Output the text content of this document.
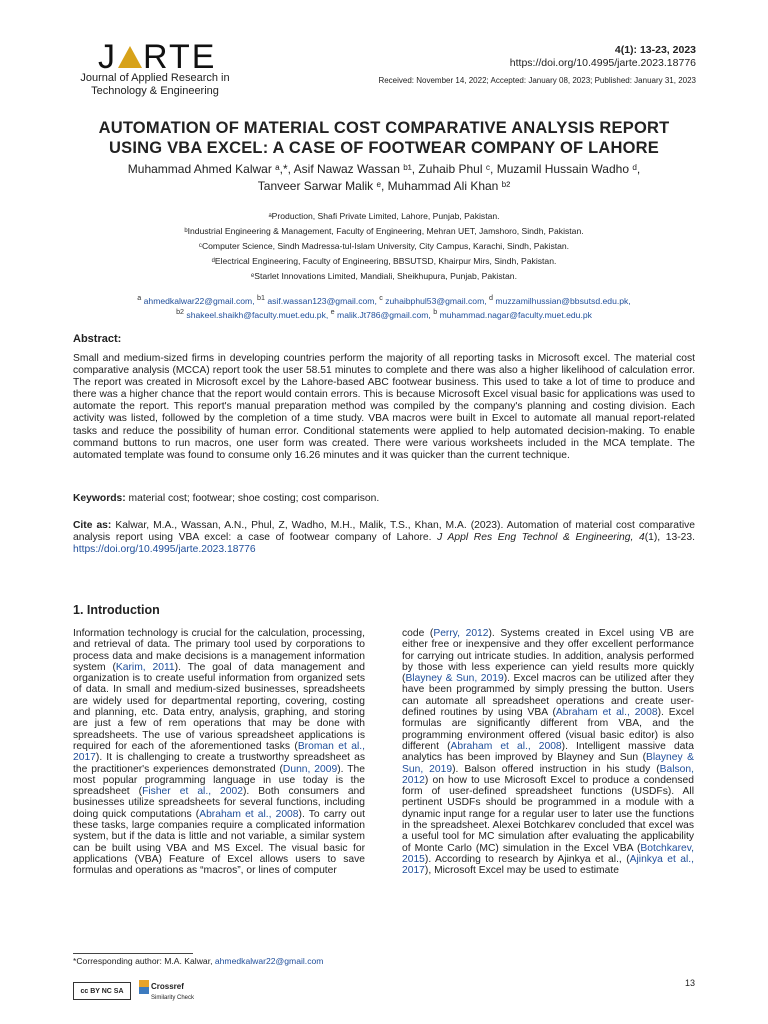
J RTE
Journal of Applied Research in
Technology & Engineering
4(1): 13-23, 2023
https://doi.org/10.4995/jarte.2023.18776
Received: November 14, 2022; Accepted: January 08, 2023; Published: January 31, 2023
AUTOMATION OF MATERIAL COST COMPARATIVE ANALYSIS REPORT
USING VBA EXCEL: A CASE OF FOOTWEAR COMPANY OF LAHORE
Muhammad Ahmed Kalwar ᵃ,*, Asif Nawaz Wassan ᵇ¹, Zuhaib Phul ᶜ, Muzamil Hussain Wadho ᵈ,
Tanveer Sarwar Malik ᵉ, Muhammad Ali Khan ᵇ²
ᵃProduction, Shafi Private Limited, Lahore, Punjab, Pakistan.
ᵇIndustrial Engineering & Management, Faculty of Engineering, Mehran UET, Jamshoro, Sindh, Pakistan.
ᶜComputer Science, Sindh Madressa-tul-Islam University, City Campus, Karachi, Sindh, Pakistan.
ᵈElectrical Engineering, Faculty of Engineering, BBSUTSD, Khairpur Mirs, Sindh, Pakistan.
ᵉStarlet Innovations Limited, Mandiali, Sheikhupura, Punjab, Pakistan.
$^a$ ahmedkalwar22@gmail.com, $^{b1}$ asif.wassan123@gmail.com, $^c$ zuhaibphul53@gmail.com, $^d$ muzzamilhussian@bbsutsd.edu.pk,
$^{b2}$ shakeel.shaikh@faculty.muet.edu.pk, $^e$ malik.Jt786@gmail.com, $^b$ muhammad.nagar@faculty.muet.edu.pk
Abstract:
Small and medium-sized firms in developing countries perform the majority of all reporting tasks in Microsoft excel. The material cost comparative analysis (MCCA) report took the user 58.51 minutes to complete and there was also a higher likelihood of calculation error. The report was created in Microsoft excel by the Lahore-based ABC footwear business. This used to take a lot of time to produce and there was a higher chance that the report would contain errors. This is because Microsoft Excel visual basic for applications was used to automate the report. This report's manual preparation method was compiled by the company's planning and costing division. Each activity was listed, followed by the completion of a time study. VBA macros were built in Excel to automate all manual report-related tasks and reduce the possibility of human error. Conditional statements were applied to help automated decision-making. To enable command buttons to run macros, one user form was created. There were various worksheets included in the MCA template. The automated template was found to consume only 16.26 minutes and it was quicker than the current technique.
Keywords: material cost; footwear; shoe costing; cost comparison.
Cite as: Kalwar, M.A., Wassan, A.N., Phul, Z, Wadho, M.H., Malik, T.S., Khan, M.A. (2023). Automation of material cost comparative analysis report using VBA excel: a case of footwear company of Lahore. J Appl Res Eng Technol & Engineering, 4(1), 13-23. https://doi.org/10.4995/jarte.2023.18776
1. Introduction
Information technology is crucial for the calculation, processing, and retrieval of data. The primary tool used by corporations to process data and make decisions is a management information system (Karim, 2011). The goal of data management and organization is to create useful information from organized sets of data. In small and medium-sized businesses, spreadsheets are widely used for departmental reporting, covering, costing and planning, etc. Data entry, analysis, graphing, and storing are just a few of rem operations that may be done with spreadsheets. The use of various spreadsheet applications is required for each of the aforementioned tasks (Broman et al., 2017). It is challenging to create a trustworthy spreadsheet as the practitioner's experiences demonstrated (Dunn, 2009). The most popular programming language in use today is the spreadsheet (Fisher et al., 2002). Both consumers and businesses utilize spreadsheets for several functions, including doing quick computations (Abraham et al., 2008). To carry out these tasks, large companies require a complicated information system, but if the data is little and not variable, a similar system can be built using VBA and MS Excel. The visual basic for applications (VBA) Feature of Excel allows users to save formulas and operations as “macros”, or lines of computer
code (Perry, 2012). Systems created in Excel using VB are either free or inexpensive and they offer excellent performance for carrying out intricate studies. In addition, analysis performed by those with less experience can yield results more quickly (Blayney & Sun, 2019). Excel macros can be utilized after they have been programmed by simply pressing the button. Users can automate all spreadsheet operations and create user-defined routines by using VBA (Abraham et al., 2008). Excel formulas are significantly different from VBA, and the programming environment offered (visual basic editor) is also different (Abraham et al., 2008). Intelligent massive data analytics has been improved by Blayney and Sun (Blayney & Sun, 2019). Balson offered instruction in his study (Balson, 2012) on how to use Microsoft Excel to produce a condensed form of user-defined spreadsheet functions (USDFs). All pertinent USDFs should be programmed in a module with a dynamic input range for a regular user to later use the functions in the spreadsheet. Alexei Botchkarev concluded that excel was a useful tool for MC simulation after evaluating the applicability of Monte Carlo (MC) simulation in the Excel VBA (Botchkarev, 2015). According to research by Ajinkya et al., (Ajinkya et al., 2017), Microsoft Excel may be used to estimate
*Corresponding author: M.A. Kalwar, ahmedkalwar22@gmail.com
13
cc BY NC SA	Crossref
Similarity Check
